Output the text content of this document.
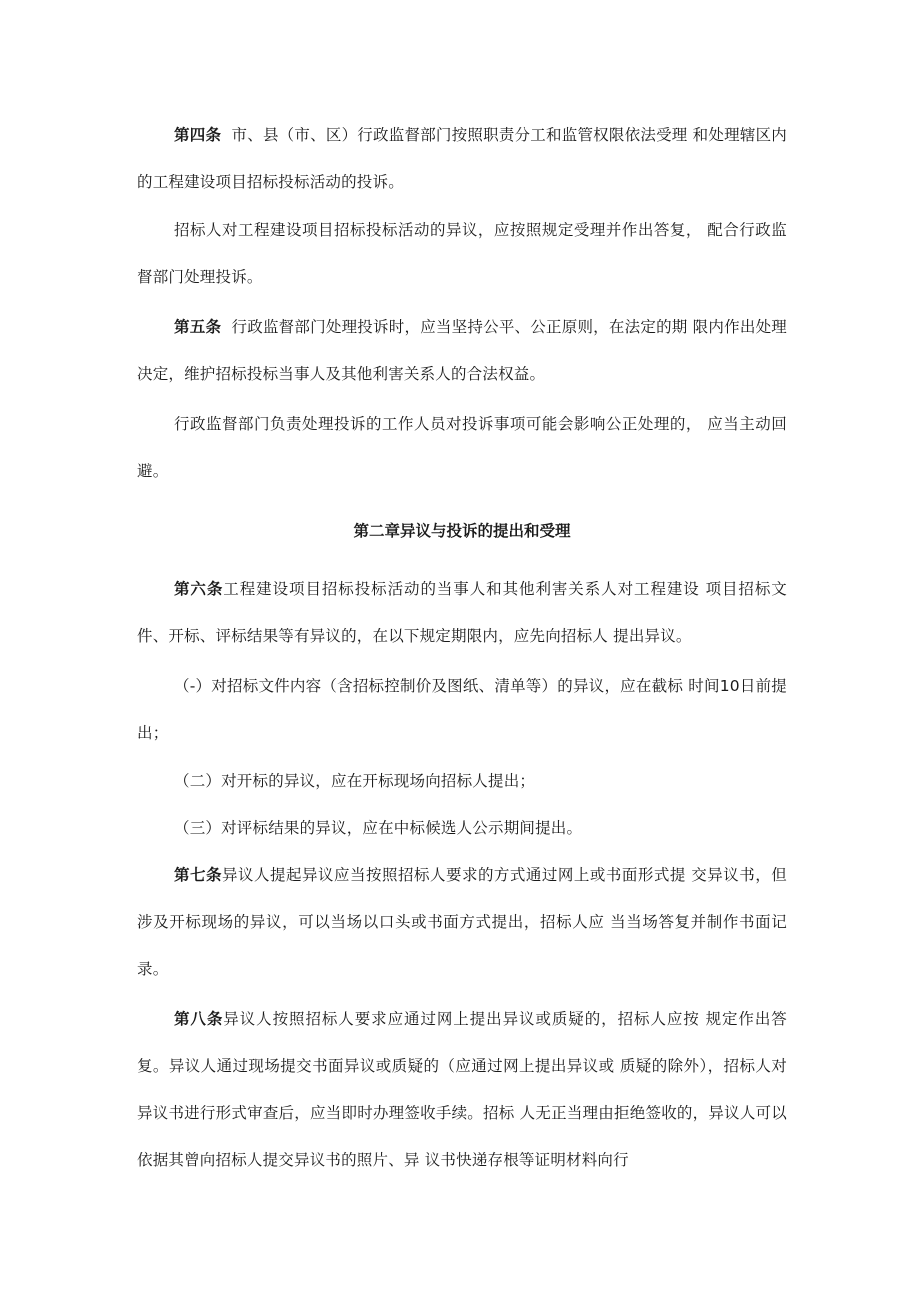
第四条 市、县（市、区）行政监督部门按照职责分工和监管权限依法受理 和处理辖区内的工程建设项目招标投标活动的投诉。

招标人对工程建设项目招标投标活动的异议，应按照规定受理并作出答复， 配合行政监督部门处理投诉。

第五条 行政监督部门处理投诉时，应当坚持公平、公正原则，在法定的期 限内作出处理决定，维护招标投标当事人及其他利害关系人的合法权益。

行政监督部门负责处理投诉的工作人员对投诉事项可能会影响公正处理的， 应当主动回避。

第二章异议与投诉的提出和受理

第六条工程建设项目招标投标活动的当事人和其他利害关系人对工程建设 项目招标文件、开标、评标结果等有异议的，在以下规定期限内，应先向招标人 提出异议。

（-）对招标文件内容（含招标控制价及图纸、清单等）的异议，应在截标 时间10日前提出；

（二）对开标的异议，应在开标现场向招标人提出；

（三）对评标结果的异议，应在中标候选人公示期间提出。

第七条异议人提起异议应当按照招标人要求的方式通过网上或书面形式提 交异议书，但涉及开标现场的异议，可以当场以口头或书面方式提出，招标人应 当当场答复并制作书面记录。

第八条异议人按照招标人要求应通过网上提出异议或质疑的，招标人应按 规定作出答复。异议人通过现场提交书面异议或质疑的（应通过网上提出异议或 质疑的除外），招标人对异议书进行形式审查后，应当即时办理签收手续。招标 人无正当理由拒绝签收的，异议人可以依据其曾向招标人提交异议书的照片、异 议书快递存根等证明材料向行
